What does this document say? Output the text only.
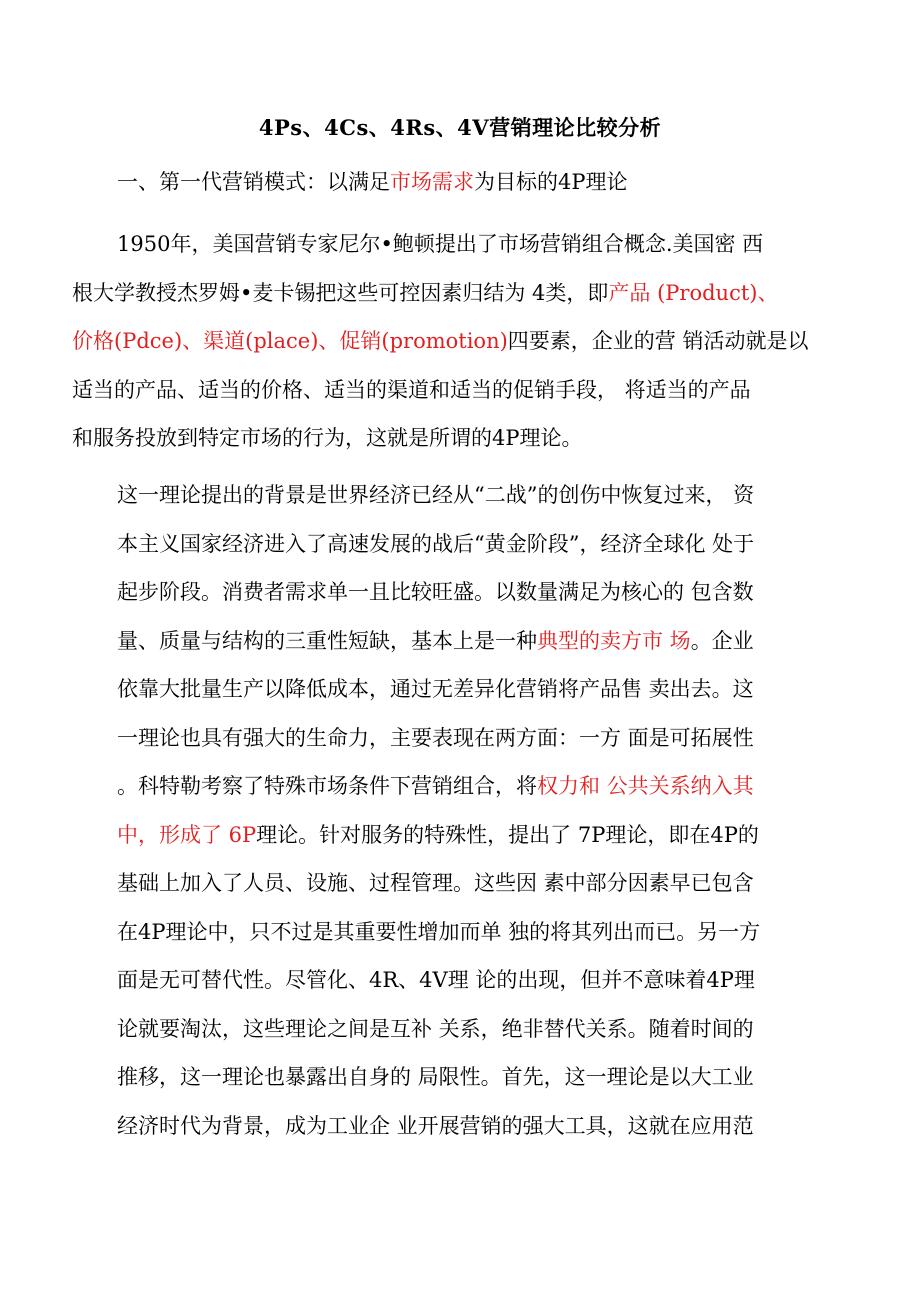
4Ps、4Cs、4Rs、4V营销理论比较分析
一、第一代营销模式：以满足市场需求为目标的4P理论
1950年，美国营销专家尼尔•鲍顿提出了市场营销组合概念.美国密 西
根大学教授杰罗姆•麦卡锡把这些可控因素归结为 4类，即产品 (Product)、
价格(Pdce)、渠道(place)、促销(promotion)四要素，企业的营 销活动就是以
适当的产品、适当的价格、适当的渠道和适当的促销手段， 将适当的产品
和服务投放到特定市场的行为，这就是所谓的4P理论。
这一理论提出的背景是世界经济已经从“二战”的创伤中恢复过来， 资
本主义国家经济进入了高速发展的战后“黄金阶段”，经济全球化 处于
起步阶段。消费者需求单一且比较旺盛。以数量满足为核心的 包含数
量、质量与结构的三重性短缺，基本上是一种典型的卖方市 场。企业
依靠大批量生产以降低成本，通过无差异化营销将产品售 卖出去。这
一理论也具有强大的生命力，主要表现在两方面：一方 面是可拓展性
。科特勒考察了特殊市场条件下营销组合，将权力和 公共关系纳入其
中，形成了 6P理论。针对服务的特殊性，提出了 7P理论，即在4P的
基础上加入了人员、设施、过程管理。这些因 素中部分因素早已包含
在4P理论中，只不过是其重要性增加而单 独的将其列出而已。另一方
面是无可替代性。尽管化、4R、4V理 论的出现，但并不意味着4P理
论就要淘汰，这些理论之间是互补 关系，绝非替代关系。随着时间的
推移，这一理论也暴露出自身的 局限性。首先，这一理论是以大工业
经济时代为背景，成为工业企 业开展营销的强大工具，这就在应用范
